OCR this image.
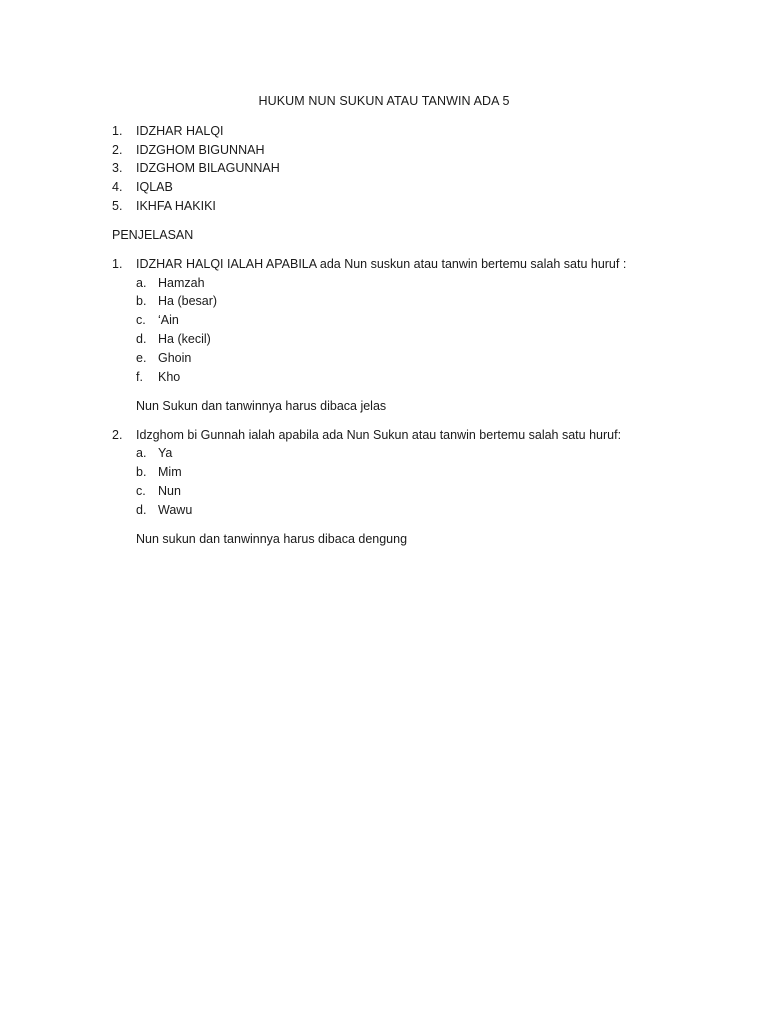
HUKUM NUN SUKUN ATAU TANWIN ADA 5
1. IDZHAR HALQI
2. IDZGHOM BIGUNNAH
3. IDZGHOM BILAGUNNAH
4. IQLAB
5. IKHFA HAKIKI
PENJELASAN
1. IDZHAR HALQI IALAH APABILA ada Nun suskun atau tanwin bertemu salah satu huruf :
a. Hamzah
b. Ha (besar)
c. ‘Ain
d. Ha (kecil)
e. Ghoin
f. Kho
Nun Sukun dan tanwinnya harus dibaca jelas
2. Idzghom bi Gunnah ialah apabila ada Nun Sukun atau tanwin bertemu salah satu huruf:
a. Ya
b. Mim
c. Nun
d. Wawu
Nun sukun dan tanwinnya harus dibaca dengung
